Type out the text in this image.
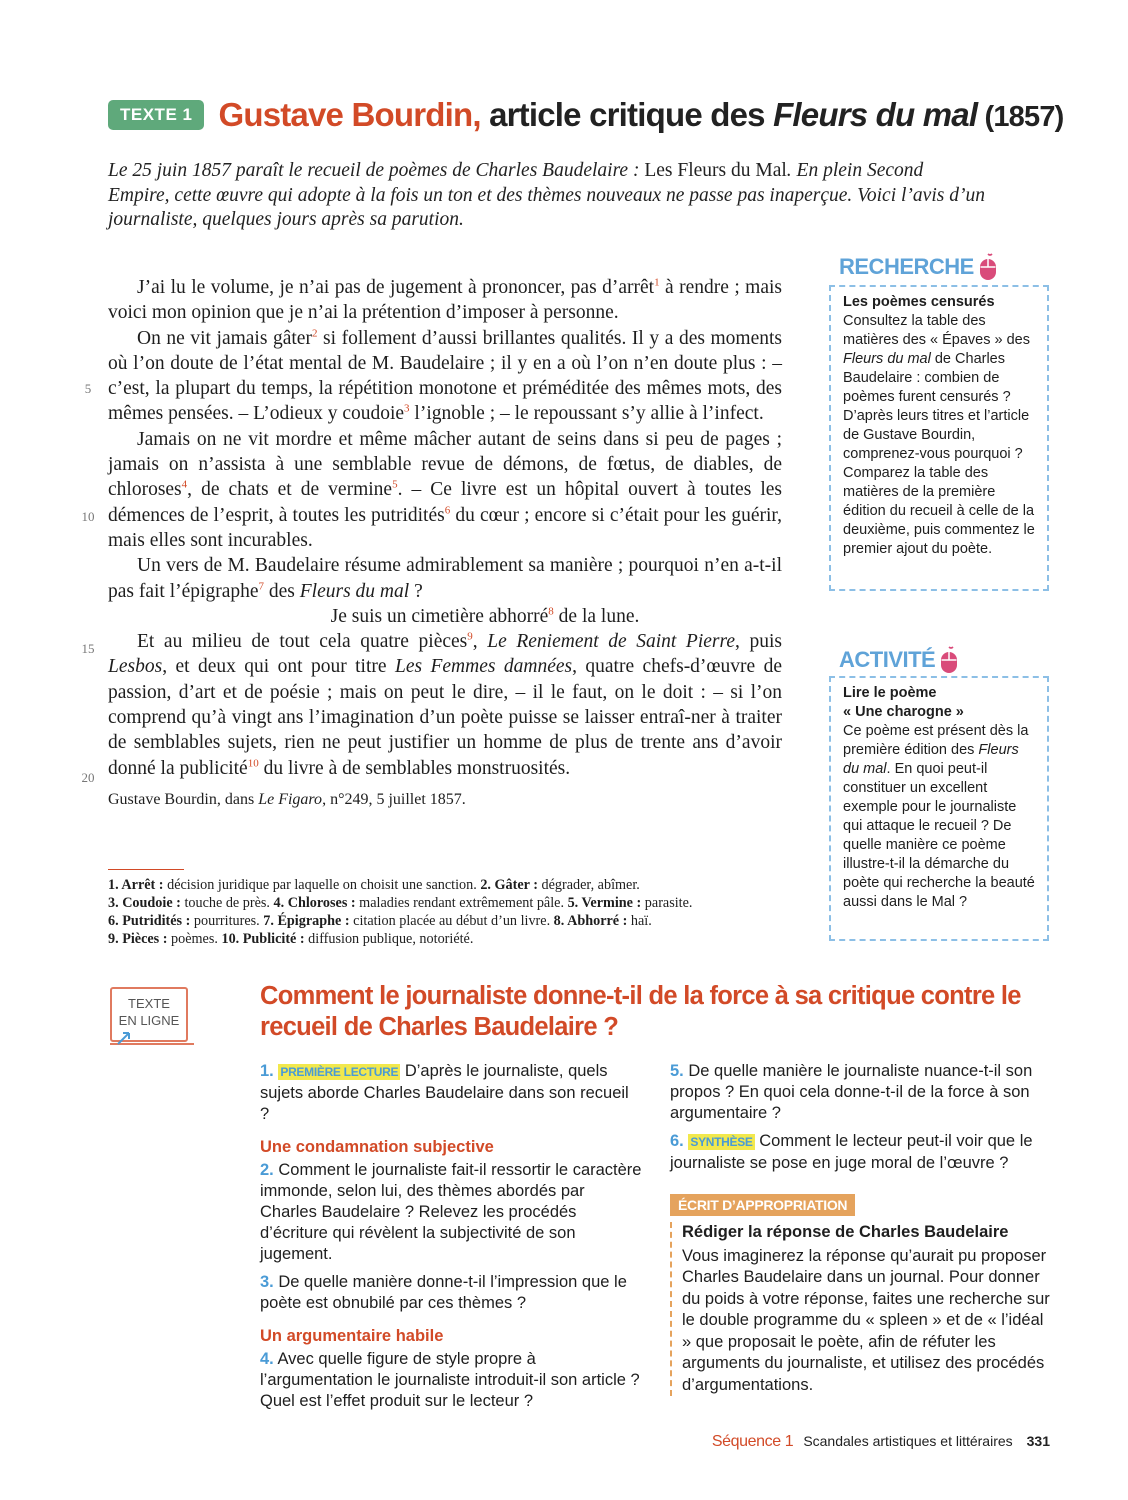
TEXTE 1 Gustave Bourdin, article critique des Fleurs du mal (1857)

Le 25 juin 1857 paraît le recueil de poèmes de Charles Baudelaire : Les Fleurs du Mal. En plein Second Empire, cette œuvre qui adopte à la fois un ton et des thèmes nouveaux ne passe pas inaperçue. Voici l’avis d’un journaliste, quelques jours après sa parution.

J’ai lu le volume, je n’ai pas de jugement à prononcer, pas d’arrêt$^1$ à rendre ; mais voici mon opinion que je n’ai la prétention d’imposer à personne.

On ne vit jamais gâter$^2$ si follement d’aussi brillantes qualités. Il y a des moments où l’on doute de l’état mental de M. Baudelaire ; il y en a où l’on n’en doute plus : – c’est, la plupart du temps, la répétition monotone et préméditée des mêmes mots, des mêmes pensées. – L’odieux y coudoie$^3$ l’ignoble ; – le repoussant s’y allie à l’infect.

Jamais on ne vit mordre et même mâcher autant de seins dans si peu de pages ; jamais on n’assista à une semblable revue de démons, de fœtus, de diables, de chloroses$^4$, de chats et de vermine$^5$. – Ce livre est un hôpital ouvert à toutes les démences de l’esprit, à toutes les putridités$^6$ du cœur ; encore si c’était pour les guérir, mais elles sont incurables.

Un vers de M. Baudelaire résume admirablement sa manière ; pourquoi n’en a-t-il pas fait l’épigraphe$^7$ des Fleurs du mal ?

Je suis un cimetière abhorré$^8$ de la lune.

Et au milieu de tout cela quatre pièces$^9$, Le Reniement de Saint Pierre, puis Lesbos, et deux qui ont pour titre Les Femmes damnées, quatre chefs-d’œuvre de passion, d’art et de poésie ; mais on peut le dire, – il le faut, on le doit : – si l’on comprend qu’à vingt ans l’imagination d’un poète puisse se laisser entraî-ner à traiter de semblables sujets, rien ne peut justifier un homme de plus de trente ans d’avoir donné la publicité$^{10}$ du livre à de semblables monstruosités.

Gustave Bourdin, dans Le Figaro, n°249, 5 juillet 1857.

5
10
15
20
1. Arrêt : décision juridique par laquelle on choisit une sanction. 2. Gâter : dégrader, abîmer.
3. Coudoie : touche de près. 4. Chloroses : maladies rendant extrêmement pâle. 5. Vermine : parasite.
6. Putridités : pourritures. 7. Épigraphe : citation placée au début d’un livre. 8. Abhorré : haï.
9. Pièces : poèmes. 10. Publicité : diffusion publique, notoriété.
RECHERCHE
Les poèmes censurés
Consultez la table des matières des « Épaves » des Fleurs du mal de Charles Baudelaire : combien de poèmes furent censurés ? D’après leurs titres et l’article de Gustave Bourdin, comprenez-vous pourquoi ? Comparez la table des matières de la première édition du recueil à celle de la deuxième, puis commentez le premier ajout du poète.
ACTIVITÉ
Lire le poème
« Une charogne »
Ce poème est présent dès la première édition des Fleurs du mal. En quoi peut-il constituer un excellent exemple pour le journaliste qui attaque le recueil ? De quelle manière ce poème illustre-t-il la démarche du poète qui recherche la beauté aussi dans le Mal ?
TEXTE
EN LIGNE
Comment le journaliste donne-t-il de la force à sa critique contre le recueil de Charles Baudelaire ?

1. PREMIÈRE LECTURE D’après le journaliste, quels sujets aborde Charles Baudelaire dans son recueil ?

Une condamnation subjective

2. Comment le journaliste fait-il ressortir le caractère immonde, selon lui, des thèmes abordés par Charles Baudelaire ? Relevez les procédés d’écriture qui révèlent la subjectivité de son jugement.

3. De quelle manière donne-t-il l’impression que le poète est obnubilé par ces thèmes ?

Un argumentaire habile

4. Avec quelle figure de style propre à l’argumentation le journaliste introduit-il son article ? Quel est l’effet produit sur le lecteur ?

5. De quelle manière le journaliste nuance-t-il son propos ? En quoi cela donne-t-il de la force à son argumentaire ?

6. SYNTHÈSE Comment le lecteur peut-il voir que le journaliste se pose en juge moral de l’œuvre ?

ÉCRIT D’APPROPRIATION
Rédiger la réponse de Charles Baudelaire
Vous imaginerez la réponse qu’aurait pu proposer Charles Baudelaire dans un journal. Pour donner du poids à votre réponse, faites une recherche sur le double programme du « spleen » et de « l’idéal » que proposait le poète, afin de réfuter les arguments du journaliste, et utilisez des procédés d’argumentations.
Séquence 1 Scandales artistiques et littéraires 331
